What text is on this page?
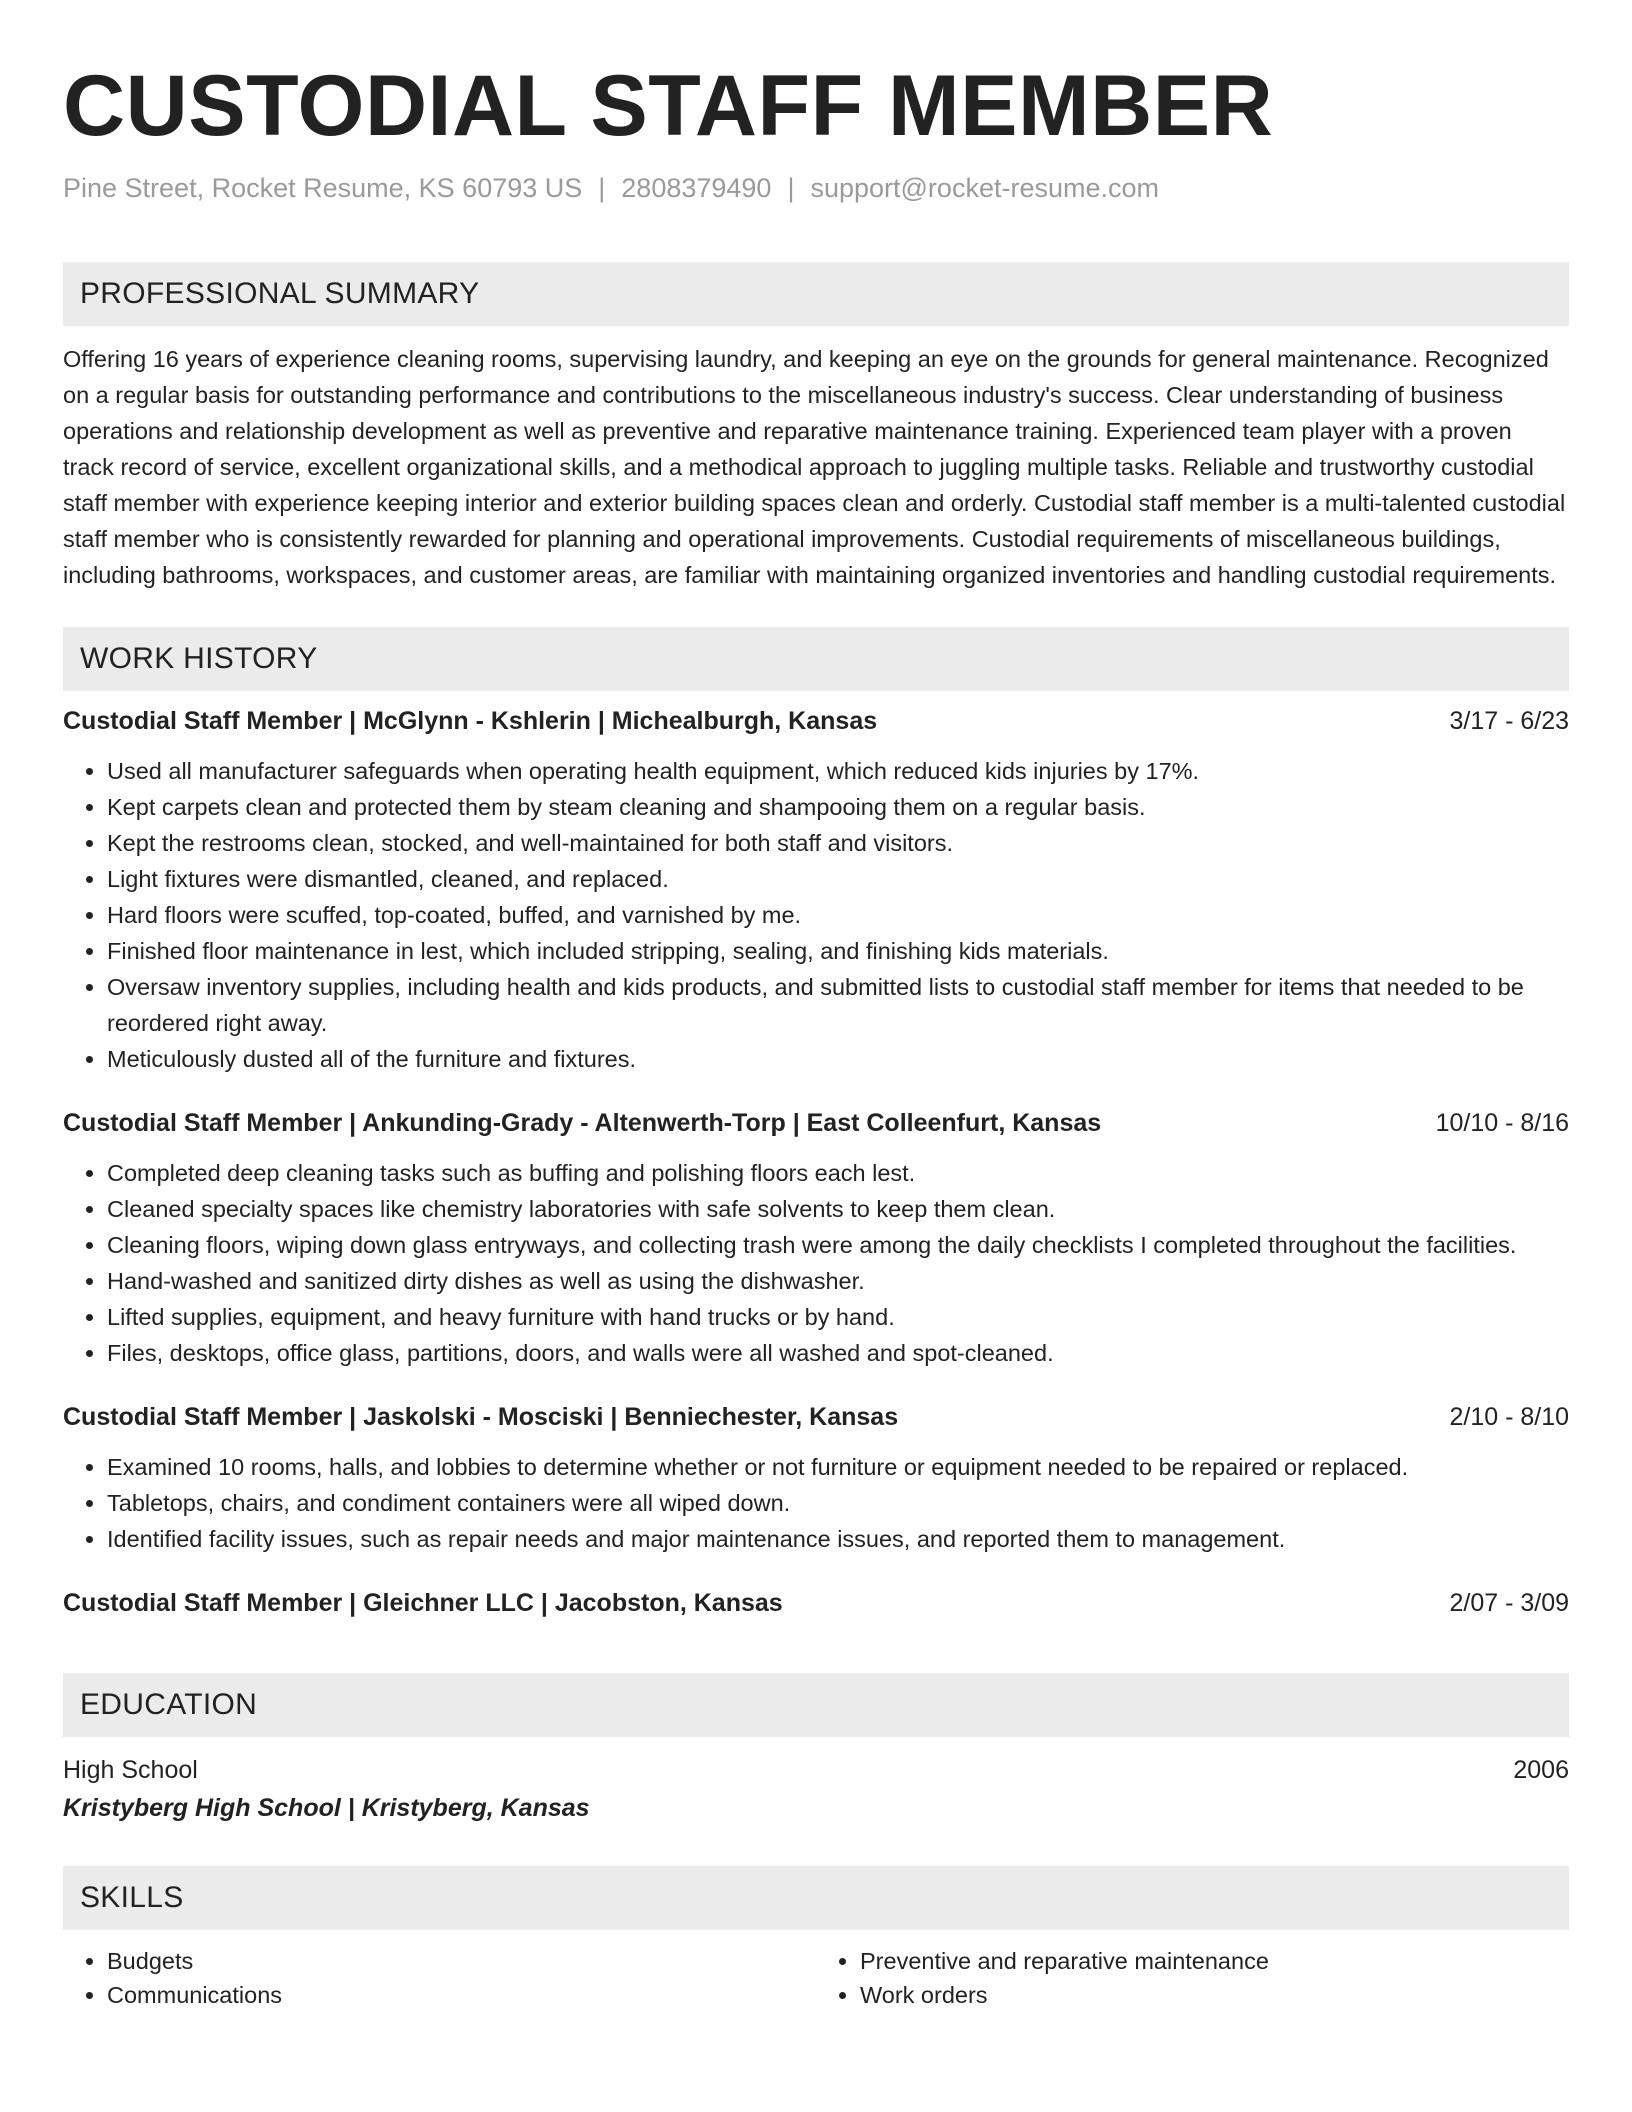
CUSTODIAL STAFF MEMBER
Pine Street, Rocket Resume, KS 60793 US | 2808379490 | support@rocket-resume.com
PROFESSIONAL SUMMARY

Offering 16 years of experience cleaning rooms, supervising laundry, and keeping an eye on the grounds for general maintenance. Recognized on a regular basis for outstanding performance and contributions to the miscellaneous industry's success. Clear understanding of business operations and relationship development as well as preventive and reparative maintenance training. Experienced team player with a proven track record of service, excellent organizational skills, and a methodical approach to juggling multiple tasks. Reliable and trustworthy custodial staff member with experience keeping interior and exterior building spaces clean and orderly. Custodial staff member is a multi-talented custodial staff member who is consistently rewarded for planning and operational improvements. Custodial requirements of miscellaneous buildings, including bathrooms, workspaces, and customer areas, are familiar with maintaining organized inventories and handling custodial requirements.

WORK HISTORY
Custodial Staff Member | McGlynn - Kshlerin | Michealburgh, Kansas	3/17 - 6/23
• Used all manufacturer safeguards when operating health equipment, which reduced kids injuries by 17%.
• Kept carpets clean and protected them by steam cleaning and shampooing them on a regular basis.
• Kept the restrooms clean, stocked, and well-maintained for both staff and visitors.
• Light fixtures were dismantled, cleaned, and replaced.
• Hard floors were scuffed, top-coated, buffed, and varnished by me.
• Finished floor maintenance in lest, which included stripping, sealing, and finishing kids materials.
• Oversaw inventory supplies, including health and kids products, and submitted lists to custodial staff member for items that needed to be reordered right away.
• Meticulously dusted all of the furniture and fixtures.
Custodial Staff Member | Ankunding-Grady - Altenwerth-Torp | East Colleenfurt, Kansas	10/10 - 8/16
• Completed deep cleaning tasks such as buffing and polishing floors each lest.
• Cleaned specialty spaces like chemistry laboratories with safe solvents to keep them clean.
• Cleaning floors, wiping down glass entryways, and collecting trash were among the daily checklists I completed throughout the facilities.
• Hand-washed and sanitized dirty dishes as well as using the dishwasher.
• Lifted supplies, equipment, and heavy furniture with hand trucks or by hand.
• Files, desktops, office glass, partitions, doors, and walls were all washed and spot-cleaned.
Custodial Staff Member | Jaskolski - Mosciski | Benniechester, Kansas	2/10 - 8/10
• Examined 10 rooms, halls, and lobbies to determine whether or not furniture or equipment needed to be repaired or replaced.
• Tabletops, chairs, and condiment containers were all wiped down.
• Identified facility issues, such as repair needs and major maintenance issues, and reported them to management.
Custodial Staff Member | Gleichner LLC | Jacobston, Kansas	2/07 - 3/09
EDUCATION
High School	2006
Kristyberg High School | Kristyberg, Kansas
SKILLS
• Budgets
• Communications
• Preventive and reparative maintenance
• Work orders
